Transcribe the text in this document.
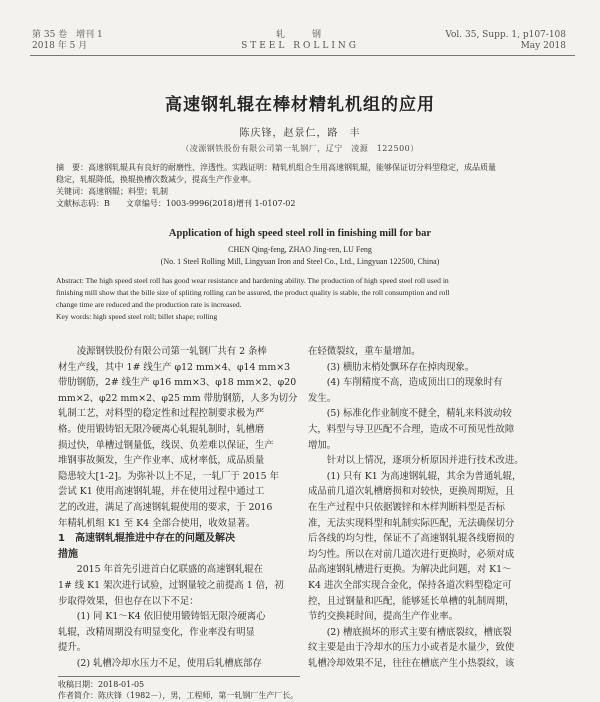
第 35 卷　增刊 1
2018 年 5 月
轧　　钢
STEEL ROLLING
Vol. 35, Supp. 1, p107-108
May 2018
高速钢轧辊在棒材精轧机组的应用
陈庆锋，赵景仁，路　丰
（凌源钢铁股份有限公司第一轧钢厂，辽宁　凌源　122500）
摘　要：高速钢轧辊具有良好的耐磨性、淬透性。实践证明：精轧机组合生用高速钢轧辊，能够保证切分料型稳定，成品质量
稳定，轧辊降低，换辊换槽次数减少，提高生产作业率。
关键词：高速钢辊；料型；轧制
文献标志码：B　　文章编号：1003-9996(2018)增刊 1-0107-02
Application of high speed steel roll in finishing mill for bar
CHEN Qing-feng, ZHAO Jing-ren, LU Feng
(No. 1 Steel Rolling Mill, Lingyuan Iron and Steel Co., Ltd., Lingyuan 122500, China)
Abstract: The high speed steel roll has good wear resistance and hardening ability. The production of high speed steel roll used in
finishing mill show that the bille size of spliting rolling can be assured, the product quality is stable, the roll consumption and roll
change time are reduced and the production rate is increased.
Key words: high speed steel roll; billet shape; rolling
　　凌源钢铁股份有限公司第一轧钢厂共有 2 条棒
材生产线，其中 1# 线生产 φ12 mm×4、φ14 mm×3
带肋钢筋，2# 线生产 φ16 mm×3、φ18 mm×2、φ20
mm×2、φ22 mm×2、φ25 mm 带肋钢筋，人多为切分
轧制工艺，对料型的稳定性和过程控制要求极为严
格。使用锻铸铝无限冷硬离心轧辊轧制时，轧槽磨
损过快，单槽过钢量低，线误、负差难以保证，生产
堆钢事故频发，生产作业率、成材率低，成品质量
隐患较大[1-2]。为弥补以上不足，一轧厂于 2015 年
尝试 K1 使用高速钢轧辊，并在使用过程中通过工
艺的改进，满足了高速钢轧辊使用的要求，于 2016
年精轧机组 K1 至 K4 全部合使用，收效显著。
1　高速钢轧辊推进中存在的问题及解决
措施
　　2015 年首先引进首白亿联盛的高速钢轧辊在
1# 线 K1 架次进行试验，过钢量较之前提高 1 倍，初
步取得效果，但也存在以下不足：
　　(1) 同 K1～K4 依旧使用锻铸铝无限冷硬离心
轧辊，改精周期没有明显变化，作业率没有明显
提升。
　　(2) 轧槽冷却水压力不足，使用后轧槽底部存
在轻微裂纹，重车量增加。
　　(3) 横肋末梢处飘环存在掉肉现象。
　　(4) 车削精度不高，造成顶出口的现象时有
发生。
　　(5) 标准化作业制度不健全，精轧来料波动较
大，料型与导卫匹配不合理，造成不可预见性故障
增加。
　　针对以上情况，逐项分析原因并进行技术改进。
　　(1) 只有 K1 为高速钢轧辊，其余为普通轧辊，
成品前几道次轧槽磨损和对较快，更换周期短，且
在生产过程中只依据镀锌和木样判断料型是否标
准，无法实现料型和轧制实际匹配，无法确保切分
后各线的均匀性，保证不了高速钢轧辊各线磨损的
均匀性。所以在对前几道次进行更换时，必须对成
品高速钢轧槽进行更换。为解决此问题，对 K1～
K4 进次全部实现合金化，保持各道次料型稳定可
控，且过钢量和匹配，能够延长单槽的轧制周期，
节约交换耗时间，提高生产作业率。
　　(2) 槽底损坏的形式主要有槽底裂纹，槽底裂
纹主要是由于冷却水的压力小或者是水量少，致使
轧槽冷却效果不足，往往在槽底产生小热裂纹，该
收稿日期：2018-01-05
作者简介：陈庆锋（1982－），男，工程师，第一轧钢厂生产厂长。
